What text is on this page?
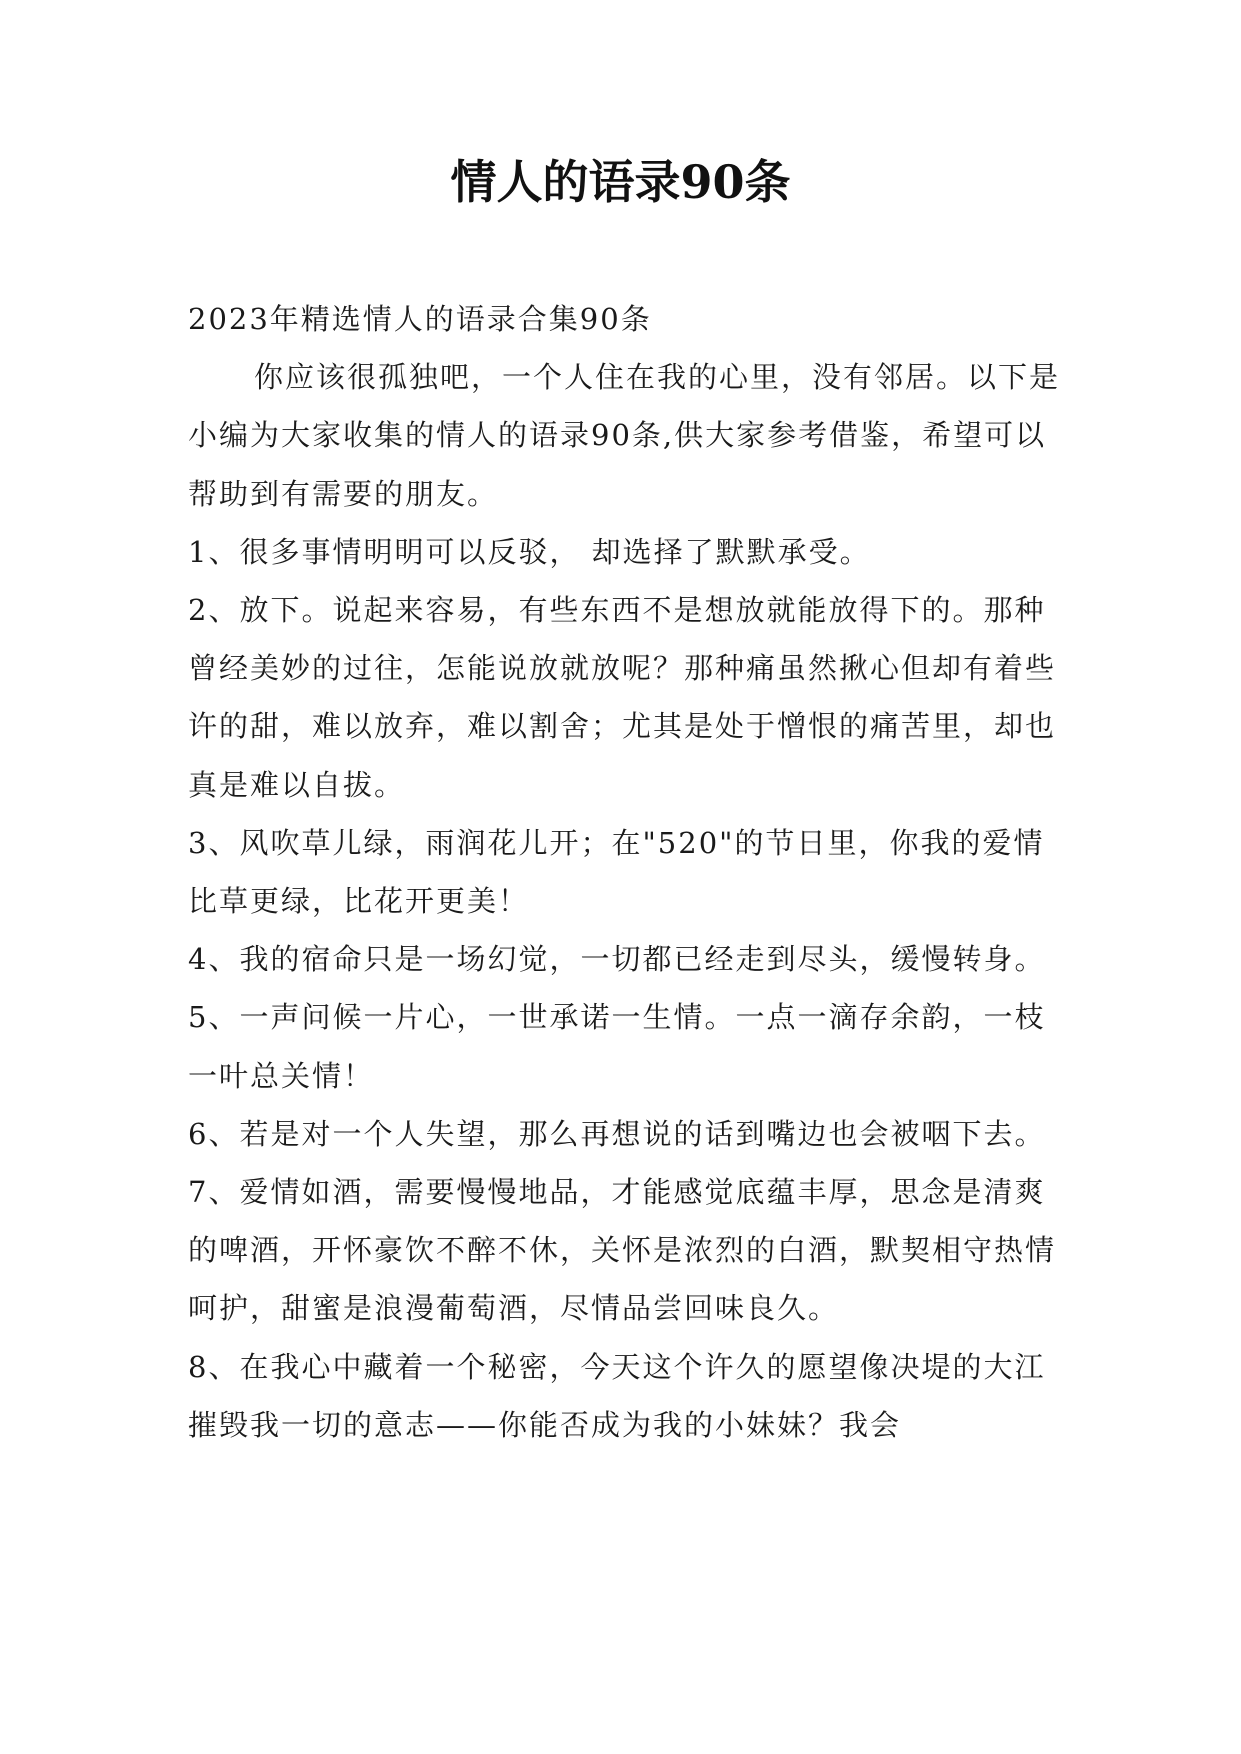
情人的语录90条

2023年精选情人的语录合集90条

你应该很孤独吧，一个人住在我的心里，没有邻居。以下是小编为大家收集的情人的语录90条,供大家参考借鉴，希望可以帮助到有需要的朋友。

1、很多事情明明可以反驳， 却选择了默默承受。

2、放下。说起来容易，有些东西不是想放就能放得下的。那种曾经美妙的过往，怎能说放就放呢？那种痛虽然揪心但却有着些许的甜，难以放弃，难以割舍；尤其是处于憎恨的痛苦里，却也真是难以自拔。

3、风吹草儿绿，雨润花儿开；在"520"的节日里，你我的爱情比草更绿，比花开更美！

4、我的宿命只是一场幻觉，一切都已经走到尽头，缓慢转身。

5、一声问候一片心，一世承诺一生情。一点一滴存余韵，一枝一叶总关情！

6、若是对一个人失望，那么再想说的话到嘴边也会被咽下去。

7、爱情如酒，需要慢慢地品，才能感觉底蕴丰厚，思念是清爽的啤酒，开怀豪饮不醉不休，关怀是浓烈的白酒，默契相守热情呵护，甜蜜是浪漫葡萄酒，尽情品尝回味良久。

8、在我心中藏着一个秘密，今天这个许久的愿望像决堤的大江摧毁我一切的意志——你能否成为我的小妹妹？我会
